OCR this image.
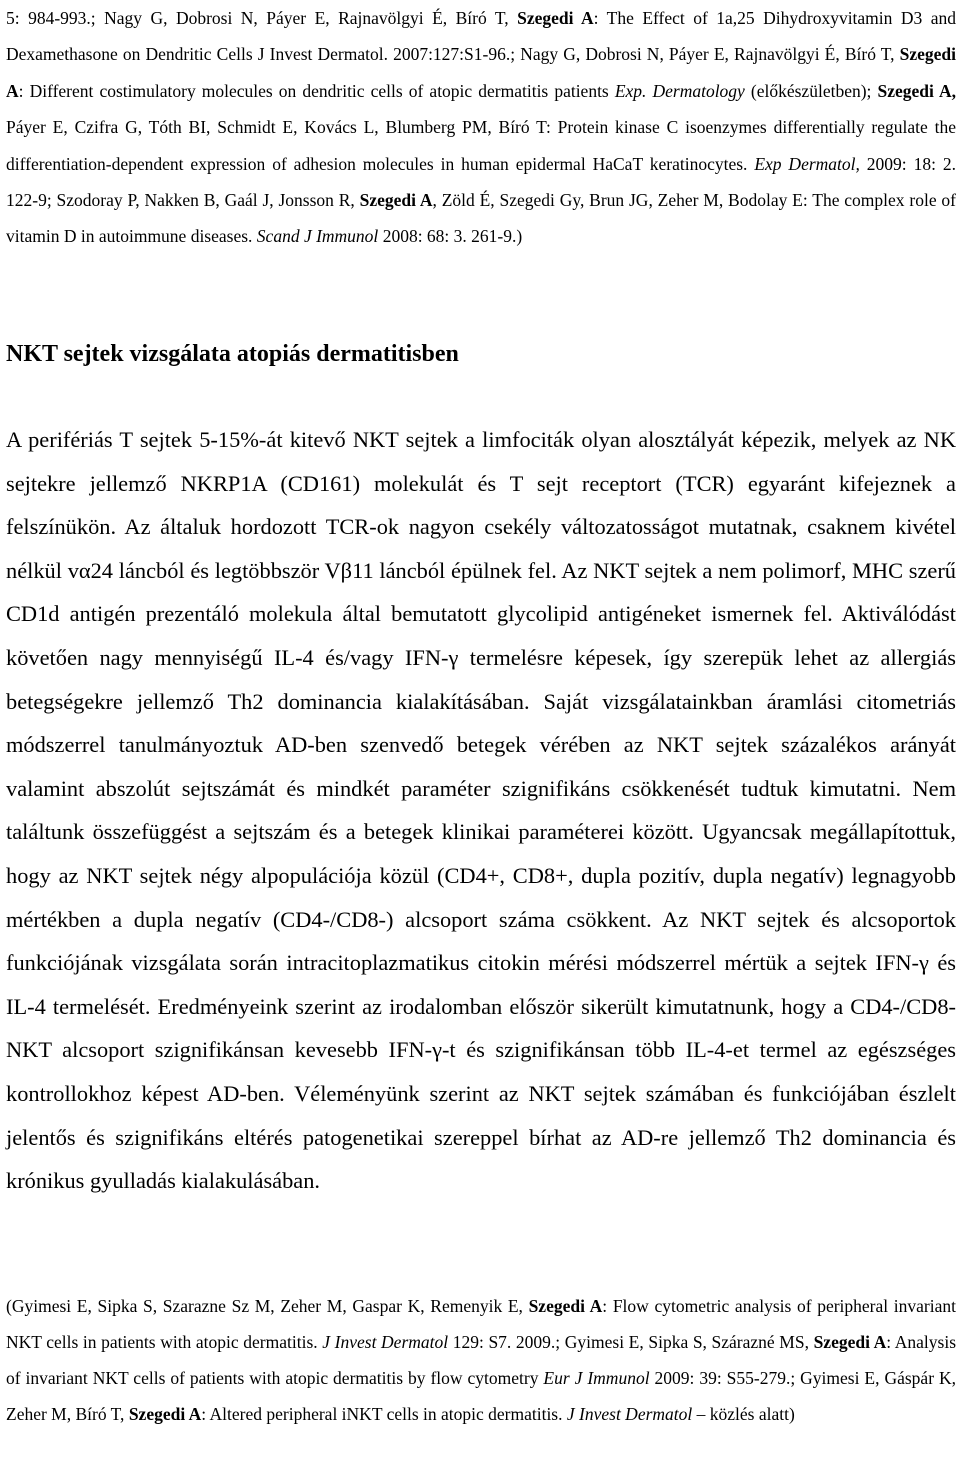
5: 984-993.; Nagy G, Dobrosi N, Páyer E, Rajnavölgyi É, Bíró T, Szegedi A: The Effect of 1a,25 Dihydroxyvitamin D3 and Dexamethasone on Dendritic Cells J Invest Dermatol. 2007:127:S1-96.; Nagy G, Dobrosi N, Páyer E, Rajnavölgyi É, Bíró T, Szegedi A: Different costimulatory molecules on dendritic cells of atopic dermatitis patients Exp. Dermatology (előkészületben); Szegedi A, Páyer E, Czifra G, Tóth BI, Schmidt E, Kovács L, Blumberg PM, Bíró T: Protein kinase C isoenzymes differentially regulate the differentiation-dependent expression of adhesion molecules in human epidermal HaCaT keratinocytes. Exp Dermatol, 2009: 18: 2. 122-9; Szodoray P, Nakken B, Gaál J, Jonsson R, Szegedi A, Zöld É, Szegedi Gy, Brun JG, Zeher M, Bodolay E: The complex role of vitamin D in autoimmune diseases. Scand J Immunol 2008: 68: 3. 261-9.)
NKT sejtek vizsgálata atopiás dermatitisben
A perifériás T sejtek 5-15%-át kitevő NKT sejtek a limfociták olyan alosztályát képezik, melyek az NK sejtekre jellemző NKRP1A (CD161) molekulát és T sejt receptort (TCR) egyaránt kifejeznek a felszínükön. Az általuk hordozott TCR-ok nagyon csekély változatosságot mutatnak, csaknem kivétel nélkül vα24 láncból és legtöbbször Vβ11 láncból épülnek fel. Az NKT sejtek a nem polimorf, MHC szerű CD1d antigén prezentáló molekula által bemutatott glycolipid antigéneket ismernek fel. Aktiválódást követően nagy mennyiségű IL-4 és/vagy IFN-γ termelésre képesek, így szerepük lehet az allergiás betegségekre jellemző Th2 dominancia kialakításában. Saját vizsgálatainkban áramlási citometriás módszerrel tanulmányoztuk AD-ben szenvedő betegek vérében az NKT sejtek százalékos arányát valamint abszolút sejtszámát és mindkét paraméter szignifikáns csökkenését tudtuk kimutatni. Nem találtunk összefüggést a sejtszám és a betegek klinikai paraméterei között. Ugyancsak megállapítottuk, hogy az NKT sejtek négy alpopulációja közül (CD4+, CD8+, dupla pozitív, dupla negatív) legnagyobb mértékben a dupla negatív (CD4-/CD8-) alcsoport száma csökkent. Az NKT sejtek és alcsoportok funkciójának vizsgálata során intracitoplazmatikus citokin mérési módszerrel mértük a sejtek IFN-γ és IL-4 termelését. Eredményeink szerint az irodalomban először sikerült kimutatnunk, hogy a CD4-/CD8- NKT alcsoport szignifikánsan kevesebb IFN-γ-t és szignifikánsan több IL-4-et termel az egészséges kontrollokhoz képest AD-ben. Véleményünk szerint az NKT sejtek számában és funkciójában észlelt jelentős és szignifikáns eltérés patogenetikai szereppel bírhat az AD-re jellemző Th2 dominancia és krónikus gyulladás kialakulásában.
(Gyimesi E, Sipka S, Szarazne Sz M, Zeher M, Gaspar K, Remenyik E, Szegedi A: Flow cytometric analysis of peripheral invariant NKT cells in patients with atopic dermatitis. J Invest Dermatol 129: S7. 2009.; Gyimesi E, Sipka S, Szárazné MS, Szegedi A: Analysis of invariant NKT cells of patients with atopic dermatitis by flow cytometry Eur J Immunol 2009: 39: S55-279.; Gyimesi E, Gáspár K, Zeher M, Bíró T, Szegedi A: Altered peripheral iNKT cells in atopic dermatitis. J Invest Dermatol – közlés alatt)
